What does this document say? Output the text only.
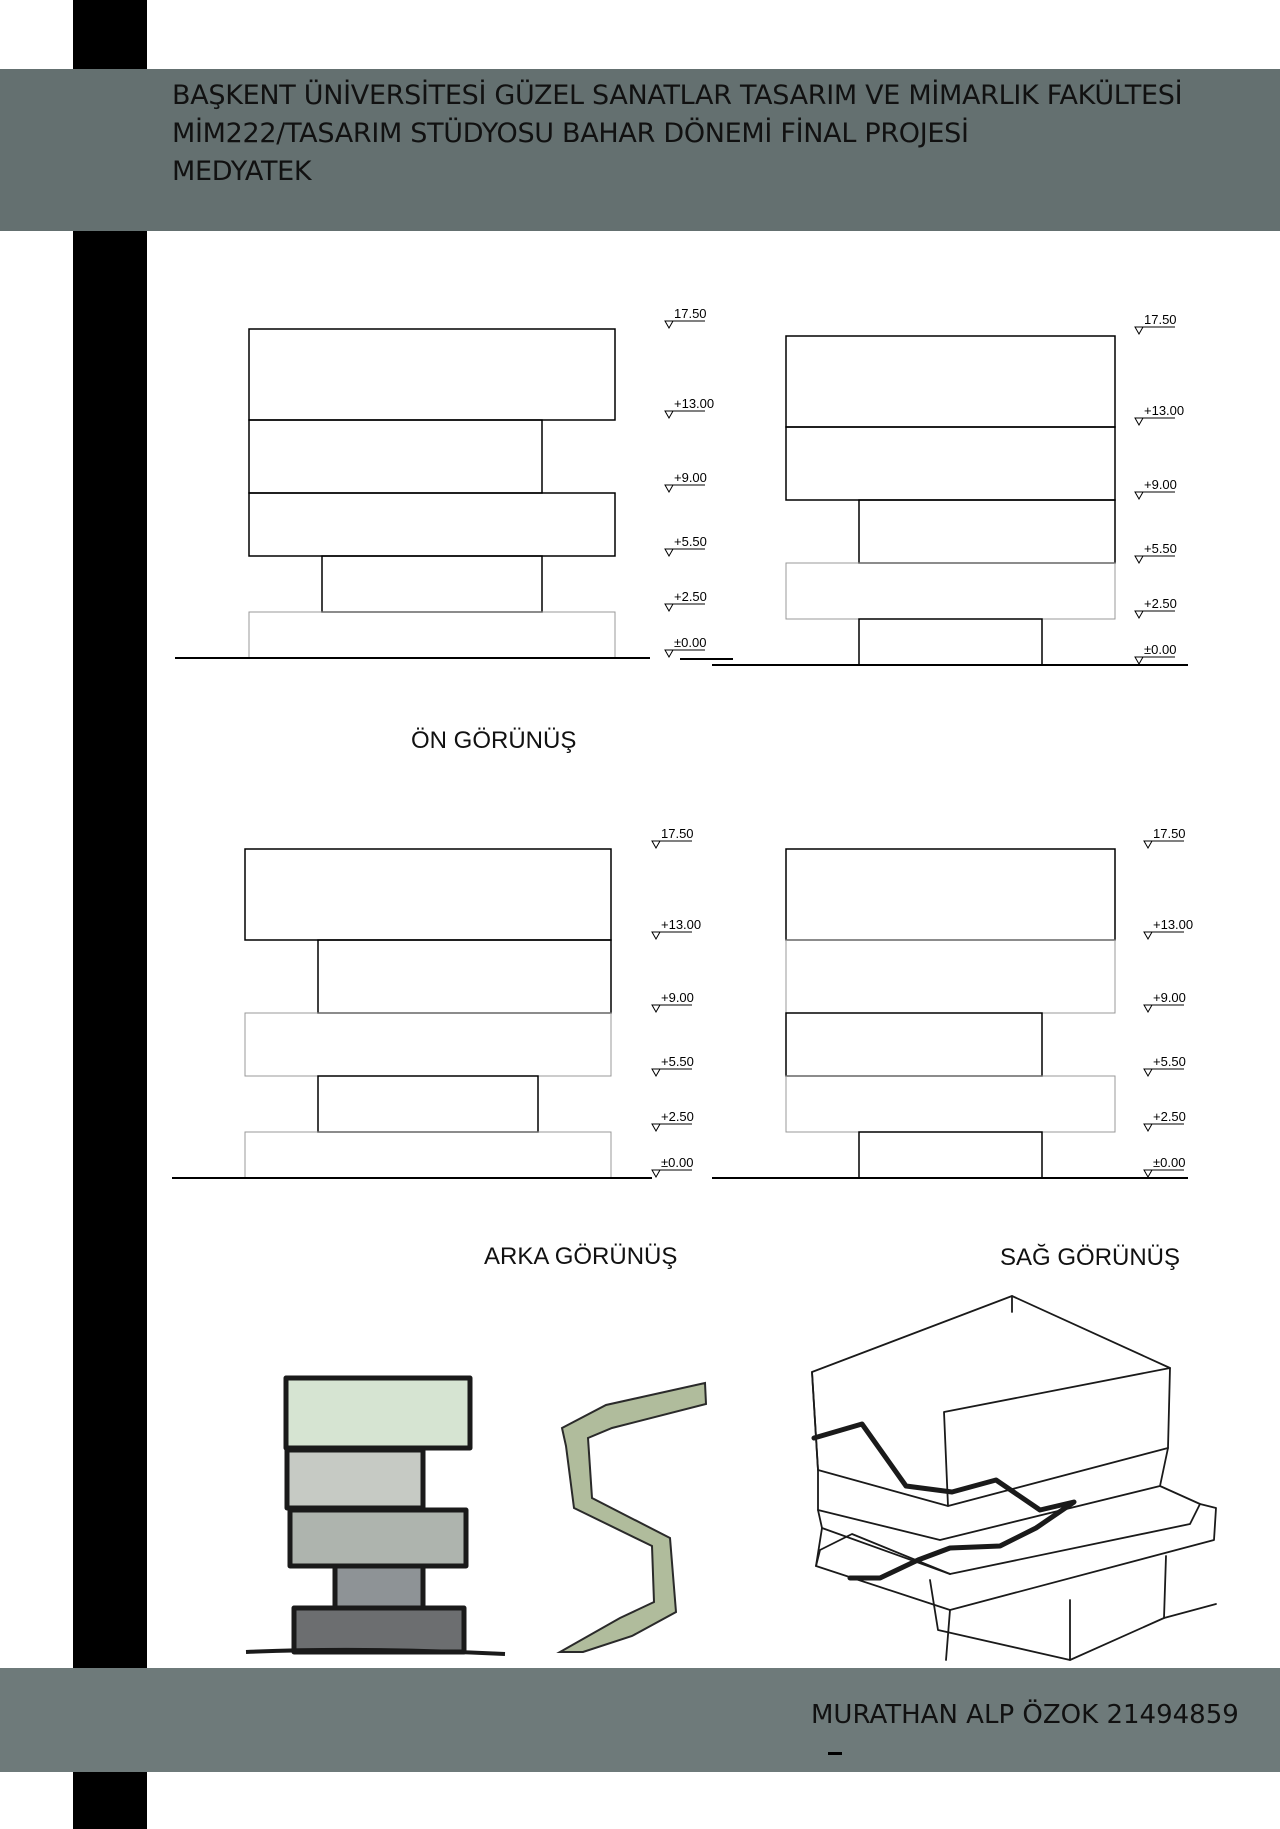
BAŞKENT ÜNİVERSİTESİ GÜZEL SANATLAR TASARIM VE MİMARLIK FAKÜLTESİ
MİM222/TASARIM STÜDYOSU BAHAR DÖNEMİ FİNAL PROJESİ
MEDYATEK
MURATHAN ALP ÖZOK 21494859
17.50
+13.00
+9.00
+5.50
+2.50
±0.00
17.50
+13.00
+9.00
+5.50
+2.50
±0.00
17.50
+13.00
+9.00
+5.50
+2.50
±0.00
17.50
+13.00
+9.00
+5.50
+2.50
±0.00
ÖN GÖRÜNÜŞ
ARKA GÖRÜNÜŞ	SAĞ GÖRÜNÜŞ
